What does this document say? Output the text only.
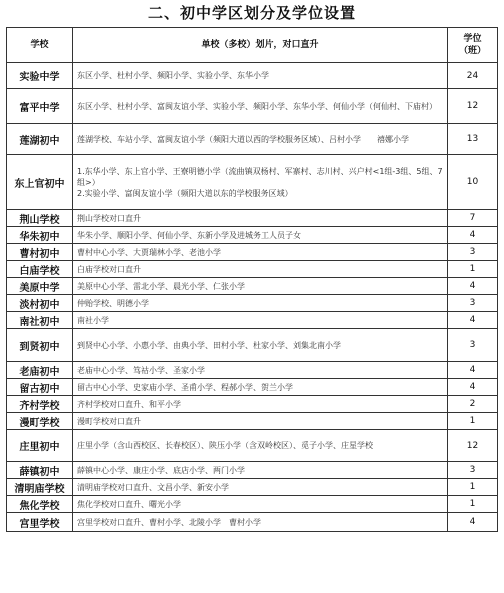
二、初中学区划分及学位设置
学校	单校（多校）划片，对口直升	学位
（班）
实验中学	东区小学、杜村小学、频阳小学、实验小学、东华小学	24
富平中学	东区小学、杜村小学、富闽友谊小学、实验小学、频阳小学、东华小学、何仙小学（何仙村、下庙村）	12
莲湖初中	莲湖学校、车站小学、富闽友谊小学（频阳大道以西的学校服务区域）、吕村小学　　禧娜小学	13
东上官初中	1.东华小学、东上官小学、王寮明德小学（流曲镇双杨村、军寨村、志川村、兴户村<1组-3组、5组、7组>）
2.实验小学、富闽友谊小学（频阳大道以东的学校服务区域）	10
荆山学校	荆山学校对口直升	7
华朱初中	华朱小学、顺阳小学、何仙小学、东新小学及进城务工人员子女	4
曹村初中	曹村中心小学、大贾瑞林小学、老池小学	3
白庙学校	白庙学校对口直升	1
美原中学	美原中心小学、雷北小学、晨光小学、仁张小学	4
淡村初中	仲贻学校、明德小学	3
南社初中	南社小学	4
到贤初中	到贤中心小学、小惠小学、由典小学、田村小学、杜家小学、刘集北南小学	3
老庙初中	老庙中心小学、笃祜小学、圣家小学	4
留古初中	留古中心小学、史家庙小学、圣甫小学、程郝小学、贺兰小学	4
齐村学校	齐村学校对口直升、和平小学	2
漫町学校	漫町学校对口直升	1
庄里初中	庄里小学（含山西校区、长春校区）、陕压小学（含双岭校区）、觅子小学、庄星学校	12
薛镇初中	薛镇中心小学、康庄小学、底店小学、两门小学	3
清明庙学校	清明庙学校对口直升、文昌小学、新安小学	1
焦化学校	焦化学校对口直升、曙光小学	1
宫里学校	宫里学校对口直升、曹村小学、北陵小学　曹村小学	4
